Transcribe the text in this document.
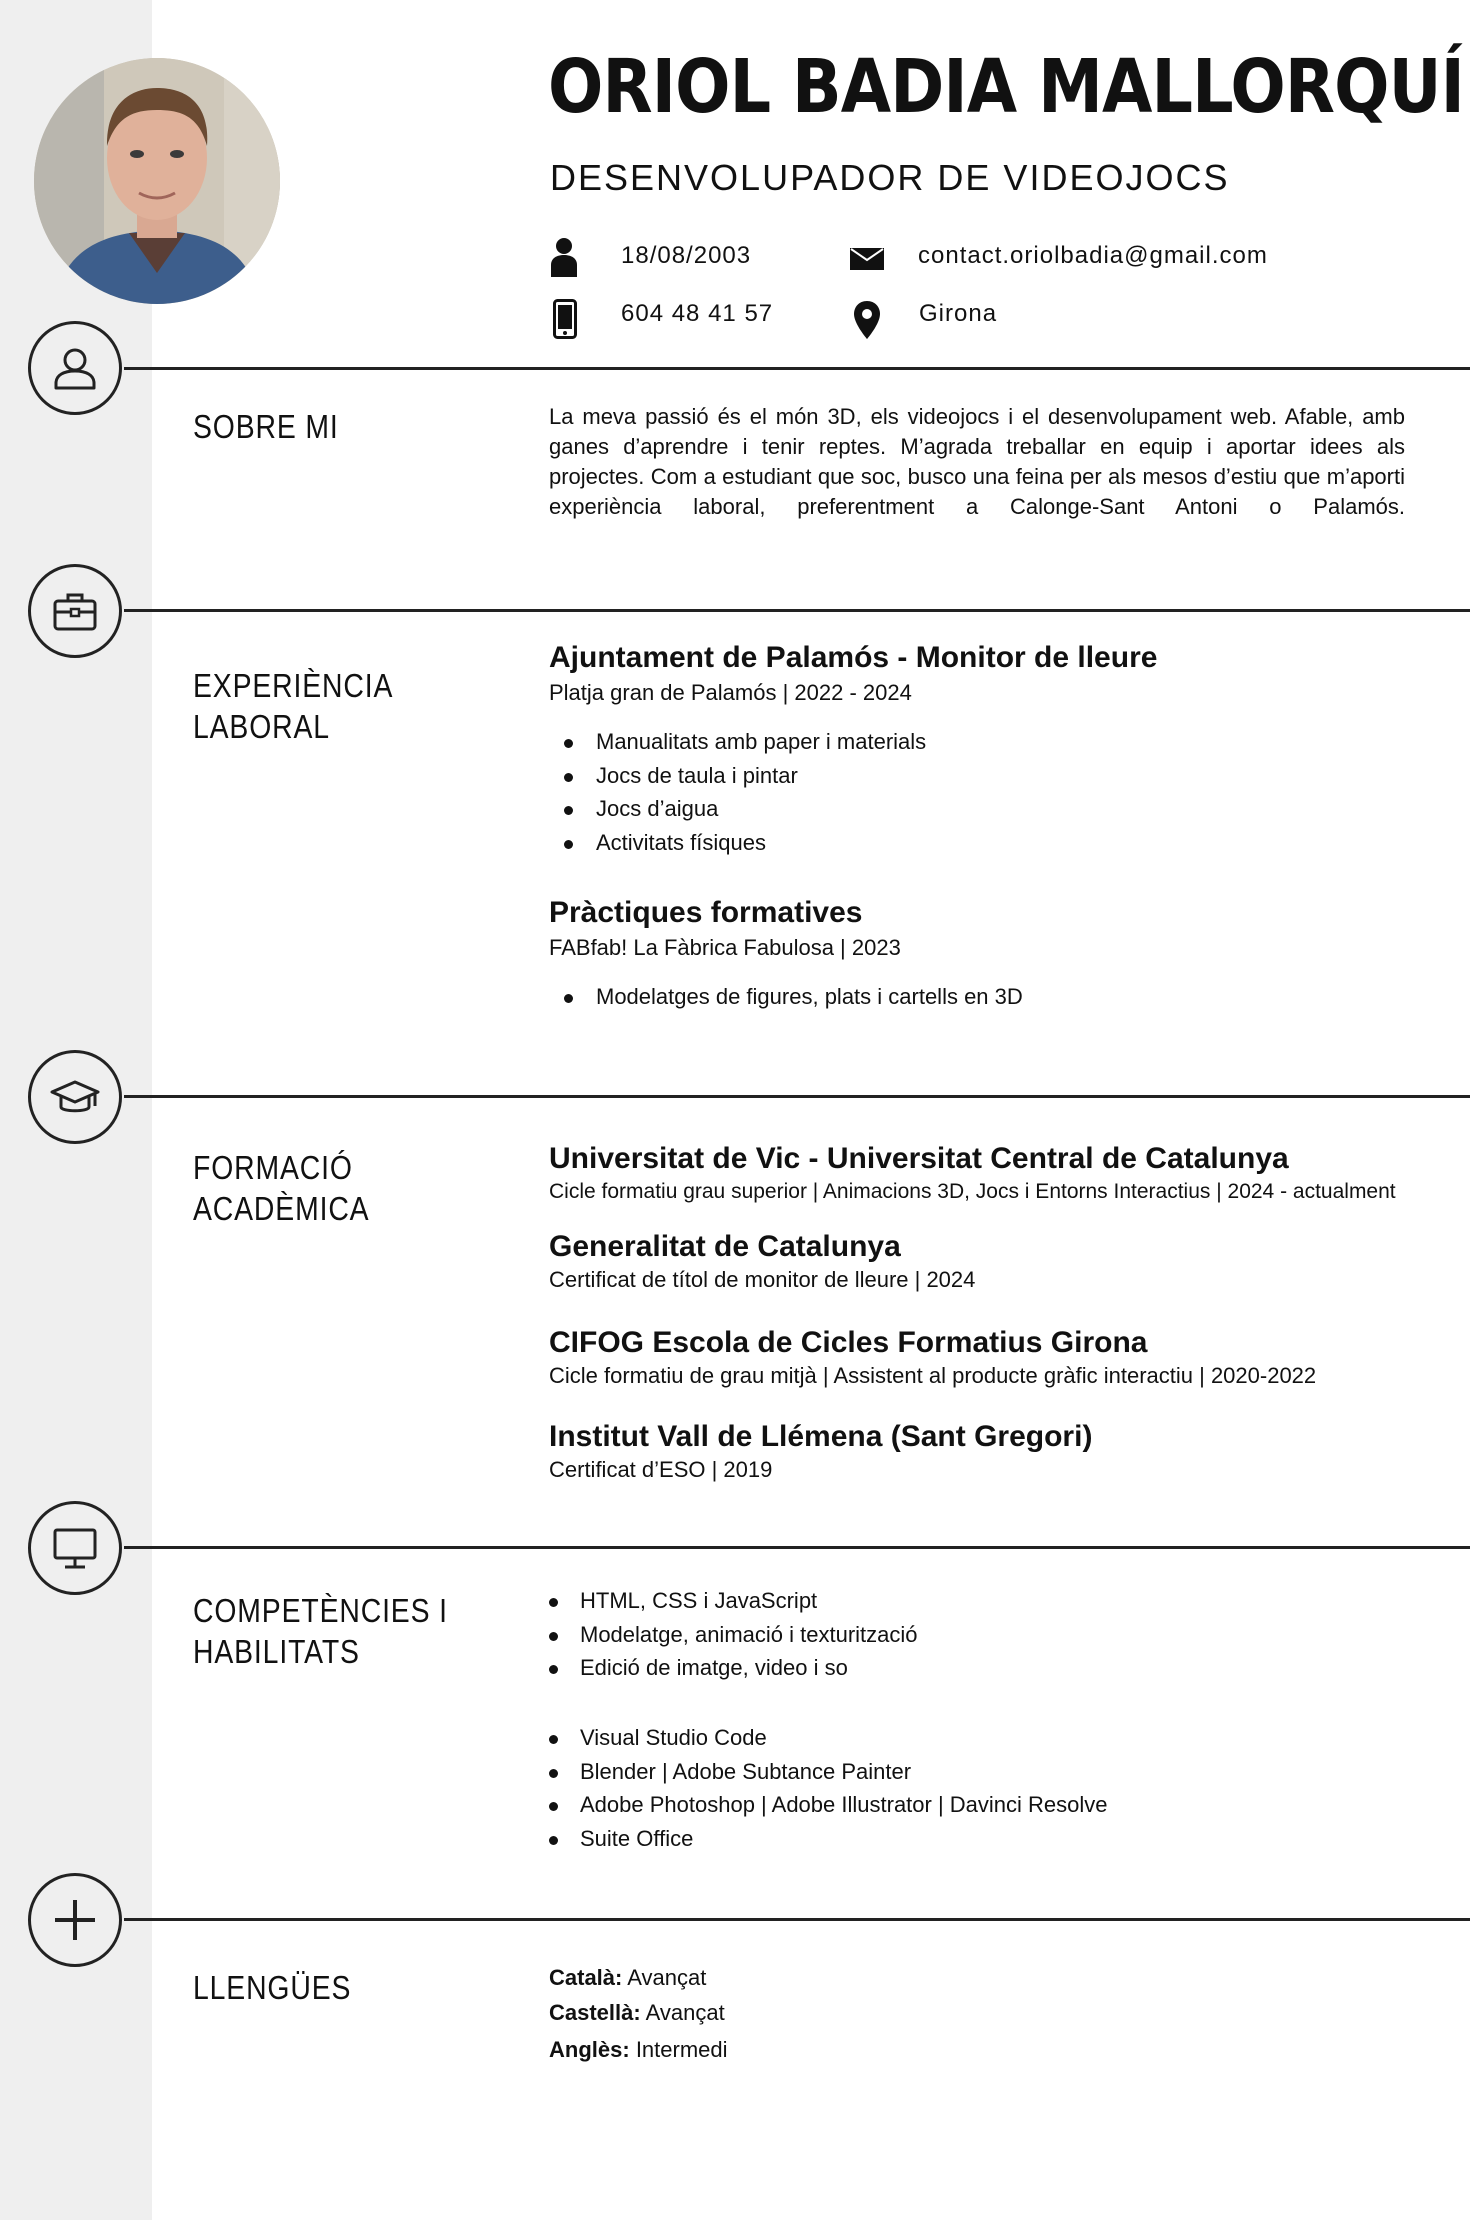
ORIOL BADIA MALLORQUÍ
DESENVOLUPADOR DE VIDEOJOCS
18/08/2003	contact.oriolbadia@gmail.com
604 48 41 57	Girona
SOBRE MI
EXPERIÈNCIA
LABORAL
FORMACIÓ
ACADÈMICA
COMPETÈNCIES I
HABILITATS
LLENGÜES
La meva passió és el món 3D, els videojocs i el desenvolupament web. Afable, amb ganes d’aprendre i tenir reptes. M’agrada treballar en equip i aportar idees als projectes. Com a estudiant que soc, busco una feina per als mesos d’estiu que m’aporti experiència laboral, preferentment a Calonge-Sant Antoni o Palamós.
Ajuntament de Palamós - Monitor de lleure
Platja gran de Palamós | 2022 - 2024
Manualitats amb paper i materials
Jocs de taula i pintar
Jocs d’aigua
Activitats físiques
Pràctiques formatives
FABfab! La Fàbrica Fabulosa | 2023
Modelatges de figures, plats i cartells en 3D
Universitat de Vic - Universitat Central de Catalunya
Cicle formatiu grau superior | Animacions 3D, Jocs i Entorns Interactius | 2024 - actualment
Generalitat de Catalunya
Certificat de títol de monitor de lleure | 2024
CIFOG Escola de Cicles Formatius Girona
Cicle formatiu de grau mitjà | Assistent al producte gràfic interactiu | 2020-2022
Institut Vall de Llémena (Sant Gregori)
Certificat d’ESO | 2019
HTML, CSS i JavaScript
Modelatge, animació i texturització
Edició de imatge, video i so
Visual Studio Code
Blender | Adobe Subtance Painter
Adobe Photoshop | Adobe Illustrator | Davinci Resolve
Suite Office
Català: Avançat
Castellà: Avançat
Anglès: Intermedi
